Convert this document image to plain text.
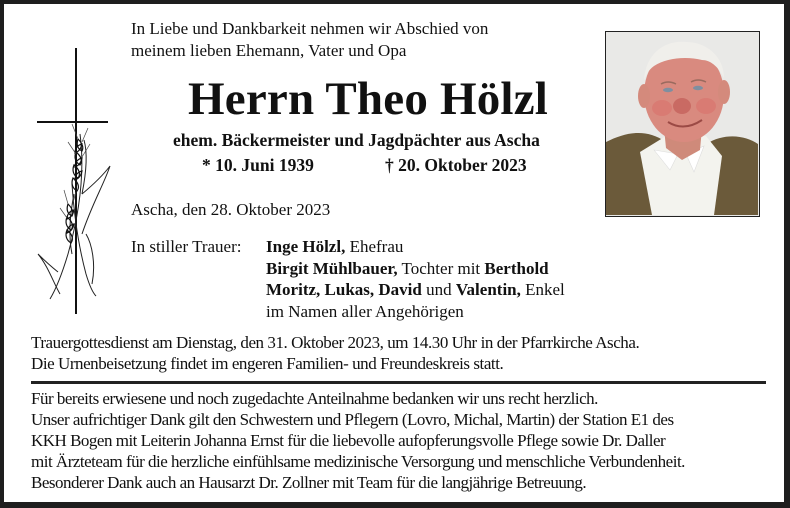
In Liebe und Dankbarkeit nehmen wir Abschied von
meinem lieben Ehemann, Vater und Opa
Herrn Theo Hölzl
ehem. Bäckermeister und Jagdpächter aus Ascha
* 10. Juni 1939	† 20. Oktober 2023
Ascha, den 28. Oktober 2023
In stiller Trauer: Inge Hölzl, Ehefrau
Birgit Mühlbauer, Tochter mit Berthold
Moritz, Lukas, David und Valentin, Enkel
im Namen aller Angehörigen
Trauergottesdienst am Dienstag, den 31. Oktober 2023, um 14.30 Uhr in der Pfarrkirche Ascha.
Die Urnenbeisetzung findet im engeren Familien- und Freundeskreis statt.
Für bereits erwiesene und noch zugedachte Anteilnahme bedanken wir uns recht herzlich.
Unser aufrichtiger Dank gilt den Schwestern und Pflegern (Lovro, Michal, Martin) der Station E1 des
KKH Bogen mit Leiterin Johanna Ernst für die liebevolle aufopferungsvolle Pflege sowie Dr. Daller
mit Ärzteteam für die herzliche einfühlsame medizinische Versorgung und menschliche Verbundenheit.
Besonderer Dank auch an Hausarzt Dr. Zollner mit Team für die langjährige Betreuung.
